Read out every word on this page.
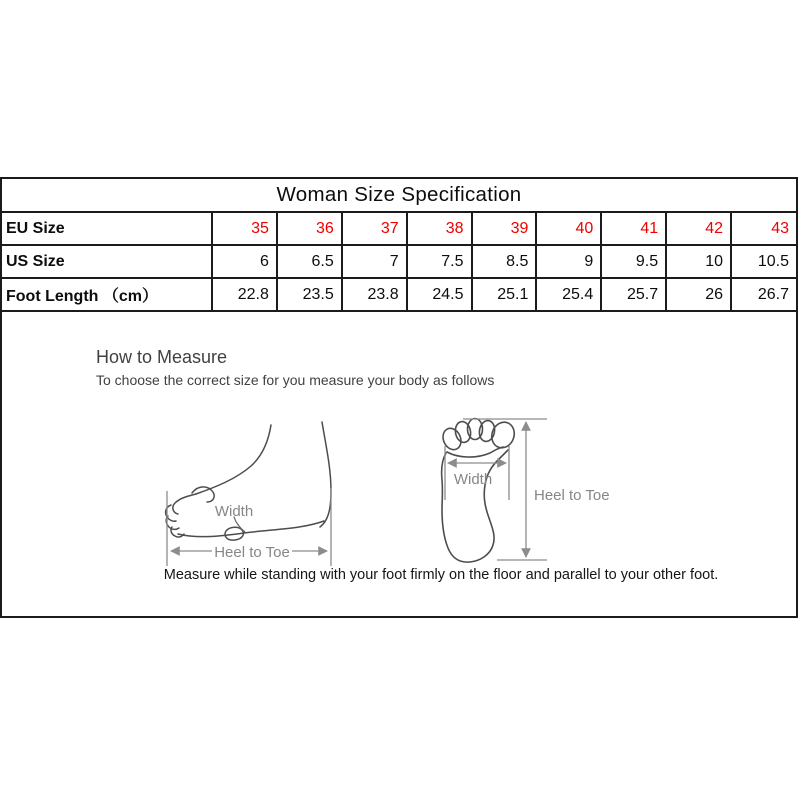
Woman Size Specification									
EU Size	35	36	37	38	39	40	41	42	43
US Size	6	6.5	7	7.5	8.5	9	9.5	10	10.5
Foot Length （cm）	22.8	23.5	23.8	24.5	25.1	25.4	25.7	26	26.7
How to Measure
To choose the correct size for you measure your body as follows
Width
Heel to Toe
Width
Heel to Toe
Measure while standing with your foot firmly on the floor and parallel to your other foot.
